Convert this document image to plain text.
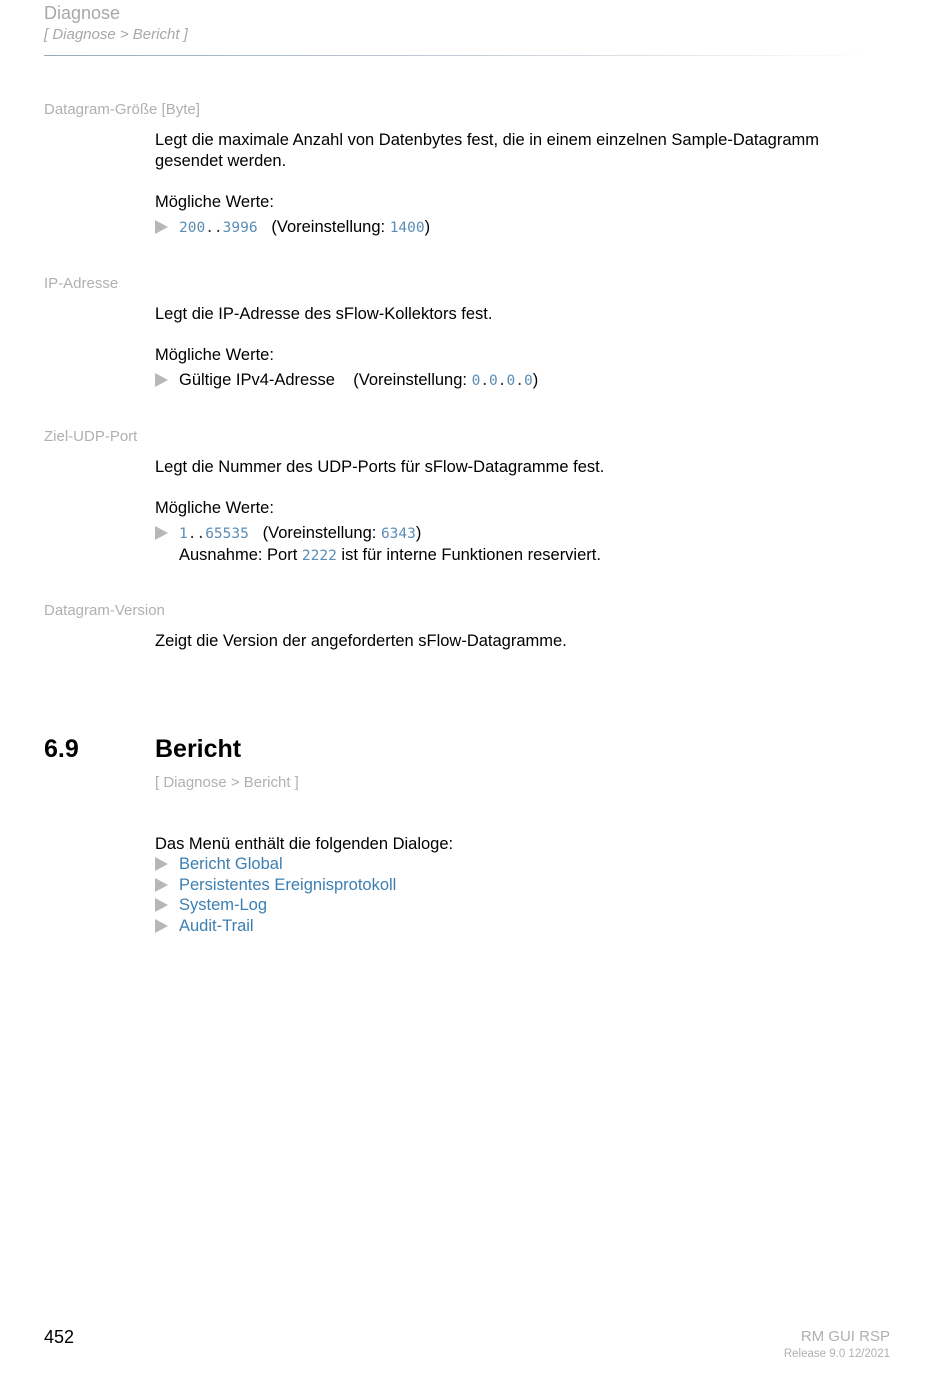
Diagnose
[ Diagnose > Bericht ]
Datagram-Größe [Byte]
Legt die maximale Anzahl von Datenbytes fest, die in einem einzelnen Sample-Datagramm
gesendet werden.
Mögliche Werte:
200..3996 (Voreinstellung: 1400)
IP-Adresse
Legt die IP-Adresse des sFlow-Kollektors fest.
Mögliche Werte:
Gültige IPv4-Adresse (Voreinstellung: 0.0.0.0)
Ziel-UDP-Port
Legt die Nummer des UDP-Ports für sFlow-Datagramme fest.
Mögliche Werte:
1..65535 (Voreinstellung: 6343)
Ausnahme: Port 2222 ist für interne Funktionen reserviert.
Datagram-Version
Zeigt die Version der angeforderten sFlow-Datagramme.
6.9	Bericht
[ Diagnose > Bericht ]
Das Menü enthält die folgenden Dialoge:
Bericht Global
Persistentes Ereignisprotokoll
System-Log
Audit-Trail
452	RM GUI RSP
Release 9.0 12/2021
